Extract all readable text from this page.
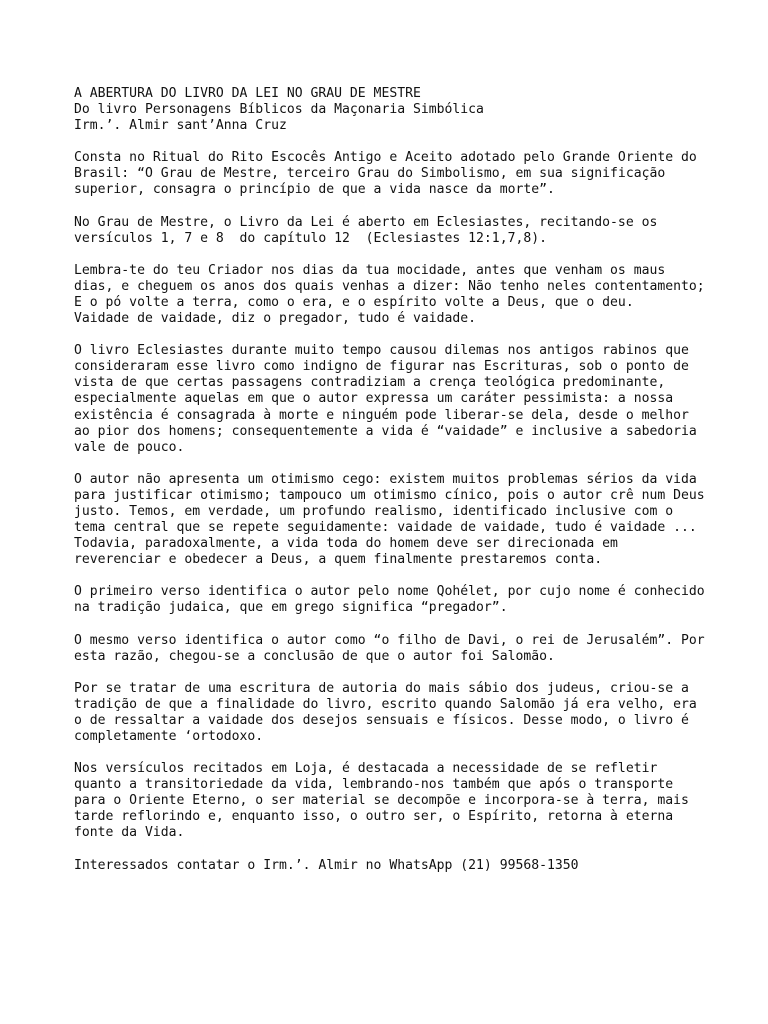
A ABERTURA DO LIVRO DA LEI NO GRAU DE MESTRE
Do livro Personagens Bíblicos da Maçonaria Simbólica
Irm.’. Almir sant’Anna Cruz
Consta no Ritual do Rito Escocês Antigo e Aceito adotado pelo Grande Oriente do
Brasil: “O Grau de Mestre, terceiro Grau do Simbolismo, em sua significação
superior, consagra o princípio de que a vida nasce da morte”.
No Grau de Mestre, o Livro da Lei é aberto em Eclesiastes, recitando-se os
versículos 1, 7 e 8  do capítulo 12  (Eclesiastes 12:1,7,8).
Lembra-te do teu Criador nos dias da tua mocidade, antes que venham os maus
dias, e cheguem os anos dos quais venhas a dizer: Não tenho neles contentamento;
E o pó volte a terra, como o era, e o espírito volte a Deus, que o deu.
Vaidade de vaidade, diz o pregador, tudo é vaidade.
O livro Eclesiastes durante muito tempo causou dilemas nos antigos rabinos que
consideraram esse livro como indigno de figurar nas Escrituras, sob o ponto de
vista de que certas passagens contradiziam a crença teológica predominante,
especialmente aquelas em que o autor expressa um caráter pessimista: a nossa
existência é consagrada à morte e ninguém pode liberar-se dela, desde o melhor
ao pior dos homens; consequentemente a vida é “vaidade” e inclusive a sabedoria
vale de pouco.
O autor não apresenta um otimismo cego: existem muitos problemas sérios da vida
para justificar otimismo; tampouco um otimismo cínico, pois o autor crê num Deus
justo. Temos, em verdade, um profundo realismo, identificado inclusive com o
tema central que se repete seguidamente: vaidade de vaidade, tudo é vaidade ...
Todavia, paradoxalmente, a vida toda do homem deve ser direcionada em
reverenciar e obedecer a Deus, a quem finalmente prestaremos conta.
O primeiro verso identifica o autor pelo nome Qohélet, por cujo nome é conhecido
na tradição judaica, que em grego significa “pregador”.
O mesmo verso identifica o autor como “o filho de Davi, o rei de Jerusalém”. Por
esta razão, chegou-se a conclusão de que o autor foi Salomão.
Por se tratar de uma escritura de autoria do mais sábio dos judeus, criou-se a
tradição de que a finalidade do livro, escrito quando Salomão já era velho, era
o de ressaltar a vaidade dos desejos sensuais e físicos. Desse modo, o livro é
completamente ‘ortodoxo.
Nos versículos recitados em Loja, é destacada a necessidade de se refletir
quanto a transitoriedade da vida, lembrando-nos também que após o transporte
para o Oriente Eterno, o ser material se decompõe e incorpora-se à terra, mais
tarde reflorindo e, enquanto isso, o outro ser, o Espírito, retorna à eterna
fonte da Vida.
Interessados contatar o Irm.’. Almir no WhatsApp (21) 99568-1350
